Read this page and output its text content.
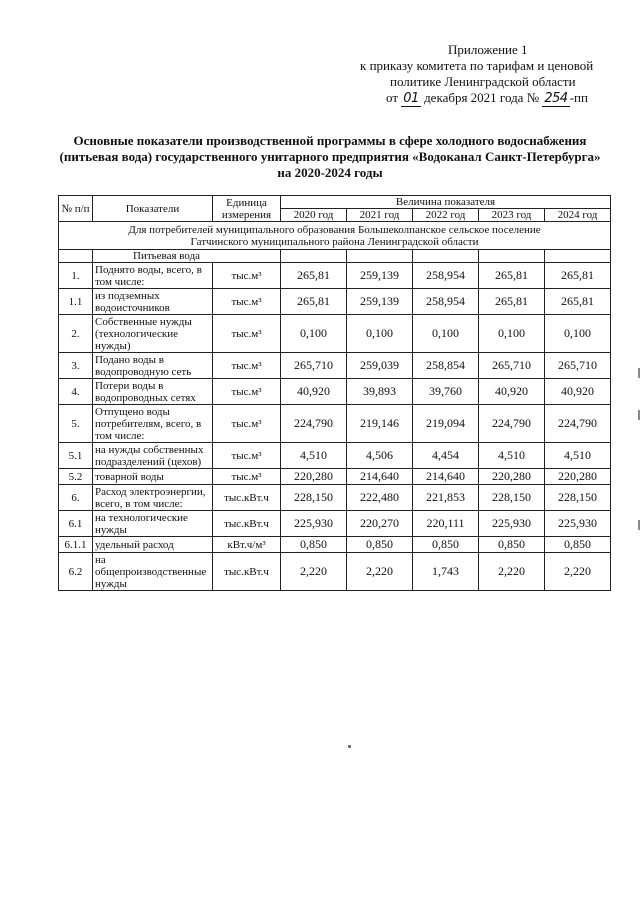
Приложение 1
к приказу комитета по тарифам и ценовой
политике Ленинградской области
от 01 декабря 2021 года № 254 -пп
Основные показатели производственной программы в сфере холодного водоснабжения
(питьевая вода) государственного унитарного предприятия «Водоканал Санкт-Петербурга»
на 2020-2024 годы
№ п/п	Показатели	Единица измерения	Величина показателя				
			2020 год	2021 год	2022 год	2023 год	2024 год

Для потребителей муниципального образования Большеколпанское сельское поселение
Гатчинского муниципального района Ленинградской области							

	Питьевая вода						
1.	Поднято воды, всего, в том числе:	тыс.м³	265,81	259,139	258,954	265,81	265,81
1.1	из подземных водоисточников	тыс.м³	265,81	259,139	258,954	265,81	265,81
2.	Собственные нужды (технологические нужды)	тыс.м³	0,100	0,100	0,100	0,100	0,100
3.	Подано воды в водопроводную сеть	тыс.м³	265,710	259,039	258,854	265,710	265,710
4.	Потери воды в водопроводных сетях	тыс.м³	40,920	39,893	39,760	40,920	40,920
5.	Отпущено воды потребителям, всего, в том числе:	тыс.м³	224,790	219,146	219,094	224,790	224,790
5.1	на нужды собственных подразделений (цехов)	тыс.м³	4,510	4,506	4,454	4,510	4,510
5.2	товарной воды	тыс.м³	220,280	214,640	214,640	220,280	220,280
6.	Расход электроэнергии, всего, в том числе:	тыс.кВт.ч	228,150	222,480	221,853	228,150	228,150
6.1	на технологические нужды	тыс.кВт.ч	225,930	220,270	220,111	225,930	225,930
6.1.1	удельный расход	кВт.ч/м³	0,850	0,850	0,850	0,850	0,850
6.2	на общепроизводственные нужды	тыс.кВт.ч	2,220	2,220	1,743	2,220	2,220
